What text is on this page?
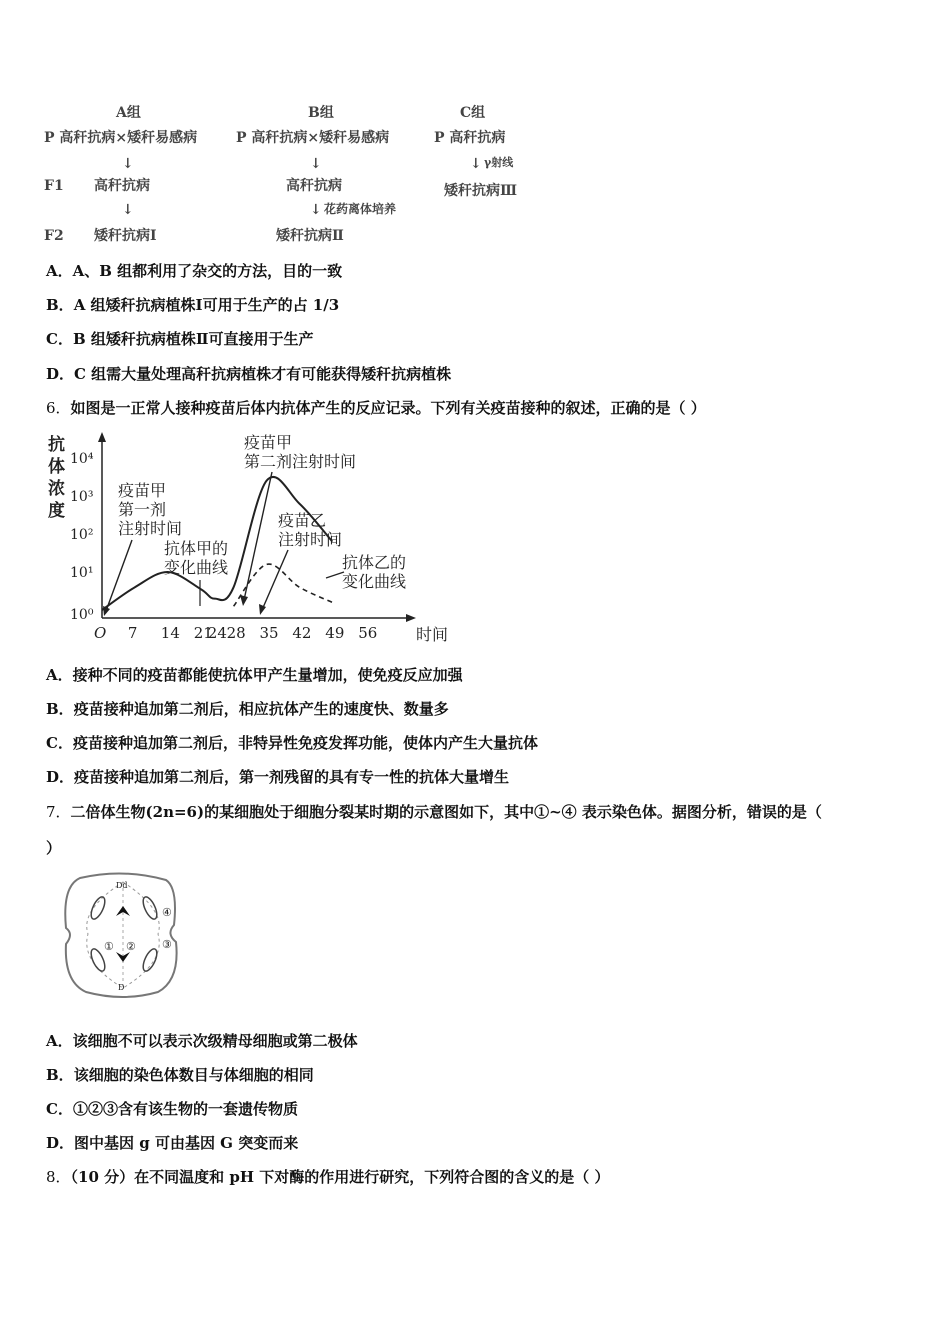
A组
P 高秆抗病×矮秆易感病
↓
F1 高秆抗病
↓
F2 矮秆抗病Ⅰ
B组
P 高秆抗病×矮秆易感病
↓
高秆抗病
↓ 花药离体培养
矮秆抗病Ⅱ
C组
P 高秆抗病
↓ γ射线
矮秆抗病Ⅲ
A．A、B 组都利用了杂交的方法，目的一致
B．A 组矮秆抗病植株Ⅰ可用于生产的占 1/3
C．B 组矮秆抗病植株Ⅱ可直接用于生产
D．C 组需大量处理高秆抗病植株才有可能获得矮秆抗病植株
6．如图是一正常人接种疫苗后体内抗体产生的反应记录。下列有关疫苗接种的叙述，正确的是（ ）
抗
体
浓
度
时间
O 7 14 21
24 28 35 42 49 56
10⁰
10¹
10²
10³
10⁴
疫苗甲 第一剂 注射时间
抗体甲的 变化曲线
疫苗甲 第二剂注射时间
疫苗乙 注射时间
抗体乙的 变化曲线
A．接种不同的疫苗都能使抗体甲产生量增加，使免疫反应加强
B．疫苗接种追加第二剂后，相应抗体产生的速度快、数量多
C．疫苗接种追加第二剂后，非特异性免疫发挥功能，使体内产生大量抗体
D．疫苗接种追加第二剂后，第一剂残留的具有专一性的抗体大量增生
7．二倍体生物(2n=6)的某细胞处于细胞分裂某时期的示意图如下，其中①~④ 表示染色体。据图分析，错误的是（
）
④
① ② ③
Dd
D
A．该细胞不可以表示次级精母细胞或第二极体
B．该细胞的染色体数目与体细胞的相同
C．①②③含有该生物的一套遗传物质
D．图中基因 g 可由基因 G 突变而来
8．（10 分）在不同温度和 pH 下对酶的作用进行研究，下列符合图的含义的是（ ）
